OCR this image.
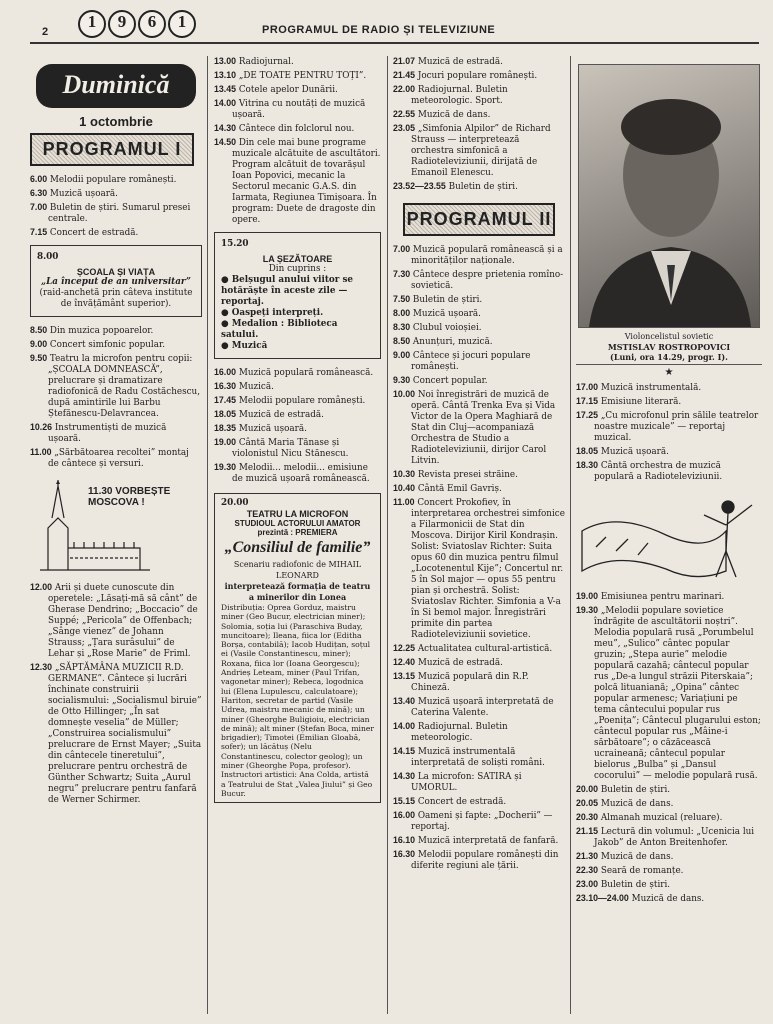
2
1	9	6	1	PROGRAMUL DE RADIO ȘI TELEVIZIUNE
Duminică
1 octombrie
PROGRAMUL I
6.00 Melodii populare românești.
6.30 Muzică ușoară.
7.00 Buletin de știri. Sumarul presei centrale.
7.15 Concert de estradă.
8.00
ȘCOALA ȘI VIAȚA
„La început de an universitar”
(raid-anchetă prin câteva institute de învățământ superior).
8.50 Din muzica popoarelor.
9.00 Concert simfonic popular.
9.50 Teatru la microfon pentru copii: „ȘCOALA DOMNEASCĂ”, prelucrare și dramatizare radiofonică de Radu Costăchescu, după amintirile lui Barbu Ștefănescu-Delavrancea.
10.26 Instrumentiști de muzică ușoară.
11.00 „Sărbătoarea recoltei” montaj de cântece și versuri.
11.30 VORBEȘTE MOSCOVA !
12.00 Arii și duete cunoscute din operetele: „Lăsați-mă să cânt” de Gherase Dendrino; „Boccacio” de Suppé; „Pericola” de Offenbach; „Sânge vienez” de Johann Strauss; „Țara surâsului” de Lehar și „Rose Marie” de Friml.
12.30 „SĂPTĂMÂNA MUZICII R.D. GERMANE”. Cântece și lucrări închinate construirii socialismului: „Socialismul biruie” de Otto Hillinger; „În sat domnește veselia” de Müller; „Construirea socialismului” prelucrare de Ernst Mayer; „Suita din cântecele tineretului”, prelucrare pentru orchestră de Günther Schwartz; Suita „Aurul negru” prelucrare pentru fanfară de Werner Schirmer.
13.00 Radiojurnal.
13.10 „DE TOATE PENTRU TOȚI”.
13.45 Cotele apelor Dunării.
14.00 Vitrina cu noutăți de muzică ușoară.
14.30 Cântece din folclorul nou.
14.50 Din cele mai bune programe muzicale alcătuite de ascultători. Program alcătuit de tovarășul Ioan Popovici, mecanic la Sectorul mecanic G.A.S. din Iarmata, Regiunea Timișoara. În program: Duete de dragoste din opere.
15.20
LA ȘEZĂTOARE
Din cuprins :
● Belșugul anului viitor se hotărăște în aceste zile — reportaj.
● Oaspeți interpreți.
● Medalion : Biblioteca satului.
● Muzică
16.00 Muzică populară românească.
16.30 Muzică.
17.45 Melodii populare românești.
18.05 Muzică de estradă.
18.35 Muzică ușoară.
19.00 Cântă Maria Tănase și violonistul Nicu Stănescu.
19.30 Melodii... melodii... emisiune de muzică ușoară românească.
20.00
TEATRU LA MICROFON
STUDIOUL ACTORULUI AMATOR
prezintă : PREMIERA
„Consiliul de familie”
Scenariu radiofonic de MIHAIL LEONARD
interpretează formația de teatru a minerilor din Lonea
Distribuția: Oprea Gorduz, maistru miner (Geo Bucur, electrician miner); Solomia, soția lui (Paraschiva Buday, muncitoare); Ileana, fiica lor (Editha Borșa, contabilă); Iacob Hudițan, soțul ei (Vasile Constantinescu, miner); Roxana, fiica lor (Ioana Georgescu); Andrieș Leteam, miner (Paul Trifan, vagonetar miner); Rebeca, logodnica lui (Elena Lupulescu, calculatoare); Hariton, secretar de partid (Vasile Udrea, maistru mecanic de mină); un miner (Gheorghe Buligioiu, electrician de mină); alt miner (Ștefan Boca, miner brigadier); Timotei (Emilian Gloabă, sofer); un lăcătuș (Nelu Constantinescu, colector geolog); un miner (Gheorghe Popa, profesor). Instructori artistici: Ana Colda, artistă a Teatrului de Stat „Valea Jiului” și Geo Bucur.
21.07 Muzică de estradă.
21.45 Jocuri populare românești.
22.00 Radiojurnal. Buletin meteorologic. Sport.
22.55 Muzică de dans.
23.05 „Simfonia Alpilor” de Richard Strauss — interpretează orchestra simfonică a Radioteleviziunii, dirijată de Emanoil Elenescu.
23.52—23.55 Buletin de știri.
PROGRAMUL II
7.00 Muzică populară românească și a minorităților naționale.
7.30 Cântece despre prietenia romîno-sovietică.
7.50 Buletin de știri.
8.00 Muzică ușoară.
8.30 Clubul voioșiei.
8.50 Anunțuri, muzică.
9.00 Cântece și jocuri populare românești.
9.30 Concert popular.
10.00 Noi înregistrări de muzică de operă. Cântă Trenka Eva și Vida Victor de la Opera Maghiară de Stat din Cluj—acompaniază Orchestra de Studio a Radioteleviziunii, dirijor Carol Litvin.
10.30 Revista presei străine.
10.40 Cântă Emil Gavriș.
11.00 Concert Prokofiev, în interpretarea orchestrei simfonice a Filarmonicii de Stat din Moscova. Dirijor Kiril Kondrașin. Solist: Sviatoslav Richter: Suita opus 60 din muzica pentru filmul „Locotenentul Kije”; Concertul nr. 5 în Sol major — opus 55 pentru pian și orchestră. Solist: Sviatoslav Richter. Simfonia a V-a în Si bemol major. Înregistrări primite din partea Radioteleviziunii sovietice.
12.25 Actualitatea cultural-artistică.
12.40 Muzică de estradă.
13.15 Muzică populară din R.P. Chineză.
13.40 Muzică ușoară interpretată de Caterina Valente.
14.00 Radiojurnal. Buletin meteorologic.
14.15 Muzică instrumentală interpretată de soliști români.
14.30 La microfon: SATIRA și UMORUL.
15.15 Concert de estradă.
16.00 Oameni și fapte: „Docherii” — reportaj.
16.10 Muzică interpretată de fanfară.
16.30 Melodii populare românești din diferite regiuni ale țării.
Violoncelistul sovietic
MSTISLAV ROSTROPOVICI
(Luni, ora 14.29, progr. I).
★
17.00 Muzică instrumentală.
17.15 Emisiune literară.
17.25 „Cu microfonul prin sălile teatrelor noastre muzicale” — reportaj muzical.
18.05 Muzică ușoară.
18.30 Cântă orchestra de muzică populară a Radioteleviziunii.
19.00 Emisiunea pentru marinari.
19.30 „Melodii populare sovietice îndrăgite de ascultătorii noștri”. Melodia populară rusă „Porumbelul meu”, „Sulico” cântec popular gruzin; „Stepa aurie” melodie populară cazahă; cântecul popular rus „De-a lungul străzii Piterskaia”; polcă lituaniană; „Opina” cântec popular armenesc; Variațiuni pe tema cântecului popular rus „Poenița”; Cântecul plugarului eston; cântecul popular rus „Mâine-i sărbătoare”; o căzăcească ucraineană; cântecul popular bielorus „Bulba” și „Dansul cocorului” — melodie populară rusă.
20.00 Buletin de știri.
20.05 Muzică de dans.
20.30 Almanah muzical (reluare).
21.15 Lectură din volumul: „Ucenicia lui Jakob” de Anton Breitenhofer.
21.30 Muzică de dans.
22.30 Seară de romanțe.
23.00 Buletin de știri.
23.10—24.00 Muzică de dans.
